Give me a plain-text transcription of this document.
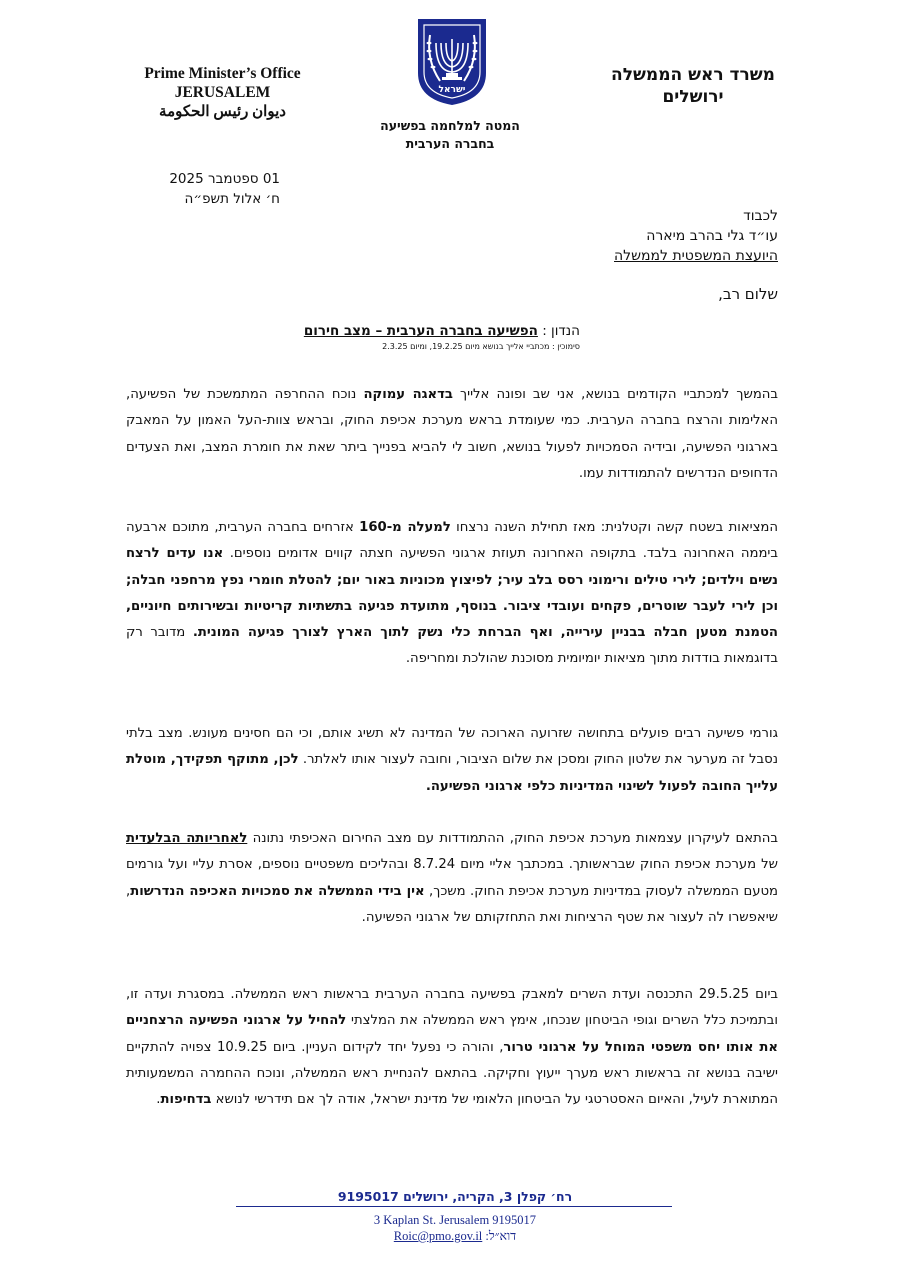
משרד ראש הממשלה
ירושלים
Prime Minister’s Office
JERUSALEM
ديوان رئيس الحكومة
ישראל
המטה למלחמה בפשיעה
בחברה הערבית
01 ספטמבר 2025
ח׳ אלול תשפ״ה
לכבוד
עו״ד גלי בהרב מיארה
היועצת המשפטית לממשלה
שלום רב,
הנדון : הפשיעה בחברה הערבית – מצב חירום
סימוכין : מכתביי אלייך בנושא מיום 19.2.25, ומיום 2.3.25
בהמשך למכתביי הקודמים בנושא, אני שב ופונה אלייך בדאגה עמוקה נוכח ההחרפה המתמשכת של הפשיעה, האלימות והרצח בחברה הערבית. כמי שעומדת בראש מערכת אכיפת החוק, ובראש צוות-העל האמון על המאבק בארגוני הפשיעה, ובידיה הסמכויות לפעול בנושא, חשוב לי להביא בפנייך ביתר שאת את חומרת המצב, ואת הצעדים הדחופים הנדרשים להתמודדות עמו.
המציאות בשטח קשה וקטלנית: מאז תחילת השנה נרצחו למעלה מ-160 אזרחים בחברה הערבית, מתוכם ארבעה ביממה האחרונה בלבד. בתקופה האחרונה תעוזת ארגוני הפשיעה חצתה קווים אדומים נוספים. אנו עדים לרצח נשים וילדים; לירי טילים ורימוני רסס בלב עיר; לפיצוץ מכוניות באור יום; להטלת חומרי נפץ מרחפני חבלה; וכן לירי לעבר שוטרים, פקחים ועובדי ציבור. בנוסף, מתועדת פגיעה בתשתיות קריטיות ובשירותים חיוניים, הטמנת מטען חבלה בבניין עירייה, ואף הברחת כלי נשק לתוך הארץ לצורך פגיעה המונית. מדובר רק בדוגמאות בודדות מתוך מציאות יומיומית מסוכנת שהולכת ומחריפה.
גורמי פשיעה רבים פועלים בתחושה שזרועה הארוכה של המדינה לא תשיג אותם, וכי הם חסינים מעונש. מצב בלתי נסבל זה מערער את שלטון החוק ומסכן את שלום הציבור, וחובה לעצור אותו לאלתר. לכן, מתוקף תפקידך, מוטלת עלייך החובה לפעול לשינוי המדיניות כלפי ארגוני הפשיעה.
בהתאם לעיקרון עצמאות מערכת אכיפת החוק, ההתמודדות עם מצב החירום האכיפתי נתונה לאחריותה הבלעדית של מערכת אכיפת החוק שבראשותך. במכתבך אליי מיום 8.7.24 ובהליכים משפטיים נוספים, אסרת עליי ועל גורמים מטעם הממשלה לעסוק במדיניות מערכת אכיפת החוק. משכך, אין בידי הממשלה את סמכויות האכיפה הנדרשות, שיאפשרו לה לעצור את שטף הרציחות ואת התחזקותם של ארגוני הפשיעה.
ביום 29.5.25 התכנסה ועדת השרים למאבק בפשיעה בחברה הערבית בראשות ראש הממשלה. במסגרת ועדה זו, ובתמיכת כלל השרים וגופי הביטחון שנכחו, אימץ ראש הממשלה את המלצתי להחיל על ארגוני הפשיעה הרצחניים את אותו יחס משפטי המוחל על ארגוני טרור, והורה כי נפעל יחד לקידום העניין. ביום 10.9.25 צפויה להתקיים ישיבה בנושא זה בראשות ראש מערך ייעוץ וחקיקה. בהתאם להנחיית ראש הממשלה, ונוכח ההחמרה המשמעותית המתוארת לעיל, והאיום האסטרטגי על הביטחון הלאומי של מדינת ישראל, אודה לך אם תידרשי לנושא בדחיפות.
רח׳ קפלן 3, הקריה, ירושלים 9195017
3 Kaplan St. Jerusalem 9195017
Roic@pmo.gov.il דוא״ל:
